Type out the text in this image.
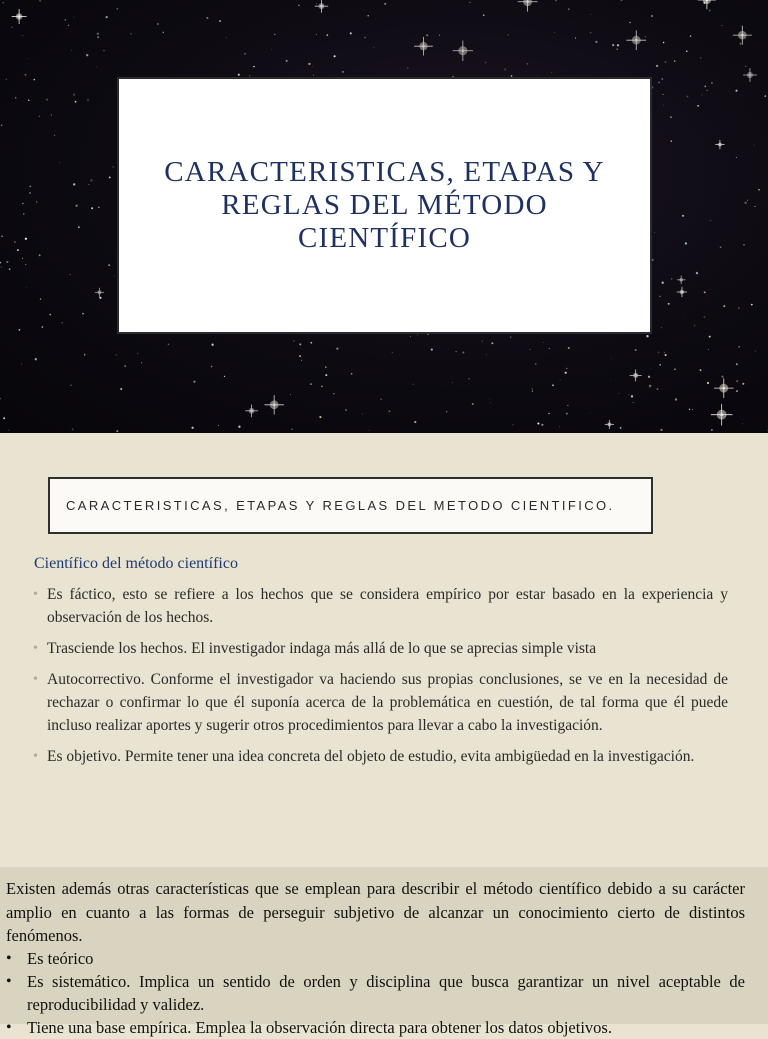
CARACTERISTICAS, ETAPAS Y REGLAS DEL MÉTODO CIENTÍFICO
CARACTERISTICAS, ETAPAS Y REGLAS DEL METODO CIENTIFICO.
Científico del método científico
• Es fáctico, esto se refiere a los hechos que se considera empírico por estar basado en la experiencia y observación de los hechos.
• Trasciende los hechos. El investigador indaga más allá de lo que se aprecias simple vista
• Autocorrectivo. Conforme el investigador va haciendo sus propias conclusiones, se ve en la necesidad de rechazar o confirmar lo que él suponía acerca de la problemática en cuestión, de tal forma que él puede incluso realizar aportes y sugerir otros procedimientos para llevar a cabo la investigación.
• Es objetivo. Permite tener una idea concreta del objeto de estudio, evita ambigüedad en la investigación.
Existen además otras características que se emplean para describir el método científico debido a su carácter amplio en cuanto a las formas de perseguir subjetivo de alcanzar un conocimiento cierto de distintos fenómenos.
• Es teórico
• Es sistemático. Implica un sentido de orden y disciplina que busca garantizar un nivel aceptable de reproducibilidad y validez.
• Tiene una base empírica. Emplea la observación directa para obtener los datos objetivos.
